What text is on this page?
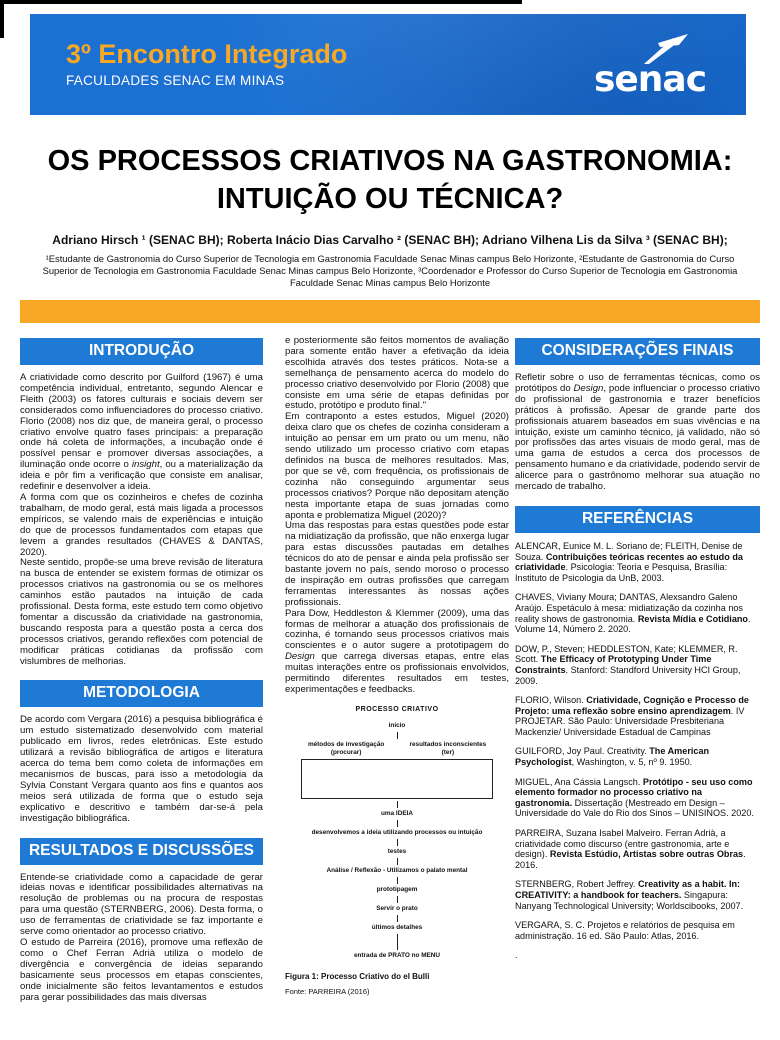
3º Encontro Integrado
FACULDADES SENAC EM MINAS	senac
OS PROCESSOS CRIATIVOS NA GASTRONOMIA: INTUIÇÃO OU TÉCNICA?
Adriano Hirsch ¹ (SENAC BH); Roberta Inácio Dias Carvalho ² (SENAC BH); Adriano Vilhena Lis da Silva ³ (SENAC BH);
¹Estudante de Gastronomia do Curso Superior de Tecnologia em Gastronomia Faculdade Senac Minas campus Belo Horizonte, ²Estudante de Gastronomia do Curso Superior de Tecnologia em Gastronomia Faculdade Senac Minas campus Belo Horizonte, ³Coordenador e Professor do Curso Superior de Tecnologia em Gastronomia Faculdade Senac Minas campus Belo Horizonte
INTRODUÇÃO

A criatividade como descrito por Guilford (1967) é uma competência individual, entretanto, segundo Alencar e Fleith (2003) os fatores culturais e sociais devem ser considerados como influenciadores do processo criativo. Florio (2008) nos diz que, de maneira geral, o processo criativo envolve quatro fases principais: a preparação onde há coleta de informações, a incubação onde é possível pensar e promover diversas associações, a iluminação onde ocorre o insight, ou a materialização da ideia e pôr fim a verificação que consiste em analisar, redefinir e desenvolver a ideia.

A forma com que os cozinheiros e chefes de cozinha trabalham, de modo geral, está mais ligada a processos empíricos, se valendo mais de experiências e intuição do que de processos fundamentados com etapas que levem a grandes resultados (CHAVES & DANTAS, 2020).

Neste sentido, propõe-se uma breve revisão de literatura na busca de entender se existem formas de otimizar os processos criativos na gastronomia ou se os melhores caminhos estão pautados na intuição de cada profissional. Desta forma, este estudo tem como objetivo fomentar a discussão da criatividade na gastronomia, buscando resposta para a questão posta a cerca dos processos criativos, gerando reflexões com potencial de modificar práticas cotidianas da profissão com vislumbres de melhorias.

METODOLOGIA

De acordo com Vergara (2016) a pesquisa bibliográfica é um estudo sistematizado desenvolvido com material publicado em livros, redes eletrônicas. Este estudo utilizará a revisão bibliográfica de artigos e literatura acerca do tema bem como coleta de informações em mecanismos de buscas, para isso a metodologia da Sylvia Constant Vergara quanto aos fins e quantos aos meios será utilizada de forma que o estudo seja explicativo e descritivo e também dar-se-á pela investigação bibliográfica.

RESULTADOS E DISCUSSÕES

Entende-se criatividade como a capacidade de gerar ideias novas e identificar possibilidades alternativas na resolução de problemas ou na procura de respostas para uma questão (STERNBERG, 2006). Desta forma, o uso de ferramentas de criatividade se faz importante e serve como orientador ao processo criativo.

O estudo de Parreira (2016), promove uma reflexão de como o Chef Ferran Adrià utiliza o modelo de divergência e convergência de ideias separando basicamente seus processos em etapas conscientes, onde inicialmente são feitos levantamentos e estudos para gerar possibilidades das mais diversas

e posteriormente são feitos momentos de avaliação para somente então haver a efetivação da ideia escolhida através dos testes práticos. Nota-se a semelhança de pensamento acerca do modelo do processo criativo desenvolvido por Florio (2008) que consiste em uma série de etapas definidas por estudo, protótipo e produto final."

Em contraponto a estes estudos, Miguel (2020) deixa claro que os chefes de cozinha consideram a intuição ao pensar em um prato ou um menu, não sendo utilizado um processo criativo com etapas definidos na busca de melhores resultados. Mas, por que se vê, com frequência, os profissionais de cozinha não conseguindo argumentar seus processos criativos? Porque não depositam atenção nesta importante etapa de suas jornadas como aponta e problematiza Miguel (2020)?

Uma das respostas para estas questões pode estar na midiatização da profissão, que não enxerga lugar para estas discussões pautadas em detalhes técnicos do ato de pensar e ainda pela profissão ser bastante jovem no país, sendo moroso o processo de inspiração em outras profissões que carregam ferramentas interessantes às nossas ações profissionais.

Para Dow, Heddleston & Klemmer (2009), uma das formas de melhorar a atuação dos profissionais de cozinha, é tornando seus processos criativos mais conscientes e o autor sugere a prototipagem do Design que carrega diversas etapas, entre elas muitas interações entre os profissionais envolvidos, permitindo diferentes resultados em testes, experimentações e feedbacks.

PROCESSO CRIATIVO
início
métodos de investigação
(procurar)
resultados inconscientes
(ter)
uma IDEIA
desenvolvemos a ideia utilizando processos ou intuição
testes
Análise / Reflexão - Utilizamos o palato mental
prototipagem
Servir o prato
últimos detalhes
entrada de PRATO no MENU
Figura 1: Processo Criativo do el Bulli
Fonte: PARREIRA (2016)
CONSIDERAÇÕES FINAIS

Refletir sobre o uso de ferramentas técnicas, como os protótipos do Design, pode influenciar o processo criativo do profissional de gastronomia e trazer benefícios práticos à profissão. Apesar de grande parte dos profissionais atuarem baseados em suas vivências e na intuição, existe um caminho técnico, já validado, não só por profissões das artes visuais de modo geral, mas de uma gama de estudos a cerca dos processos de pensamento humano e da criatividade, podendo servir de alicerce para o gastrônomo melhorar sua atuação no mercado de trabalho.

REFERÊNCIAS

ALENCAR, Eunice M. L. Soriano de; FLEITH, Denise de Souza. Contribuições teóricas recentes ao estudo da criatividade. Psicologia: Teoria e Pesquisa, Brasília: Instituto de Psicologia da UnB, 2003.

CHAVES, Viviany Moura; DANTAS, Alexsandro Galeno Araújo. Espetáculo à mesa: midiatização da cozinha nos reality shows de gastronomia. Revista Mídia e Cotidiano. Volume 14, Número 2. 2020.

DOW, P., Steven; HEDDLESTON, Kate; KLEMMER, R. Scott. The Efficacy of Prototyping Under Time Constraints. Stanford: Standford University HCI Group, 2009.

FLORIO, Wilson. Criatividade, Cognição e Processo de Projeto: uma reflexão sobre ensino aprendizagem. IV PROJETAR. São Paulo: Universidade Presbiteriana Mackenzie/ Universidade Estadual de Campinas

GUILFORD, Joy Paul. Creativity. The American Psychologist, Washington, v. 5, nº 9. 1950.

MIGUEL, Ana Cássia Langsch. Protótipo - seu uso como elemento formador no processo criativo na gastronomia. Dissertação (Mestreado em Design – Universidade do Vale do Rio dos Sinos – UNISINOS. 2020.

PARREIRA, Suzana Isabel Malveiro. Ferran Adrià, a criatividade como discurso (entre gastronomia, arte e design). Revista Estúdio, Artistas sobre outras Obras. 2016.

STERNBERG, Robert Jeffrey. Creativity as a habit. In: CREATIVITY: a handbook for teachers. Singapura: Nanyang Technological University; Worldscibooks, 2007.

VERGARA, S. C. Projetos e relatórios de pesquisa em administração. 16 ed. São Paulo: Atlas, 2016.

.
